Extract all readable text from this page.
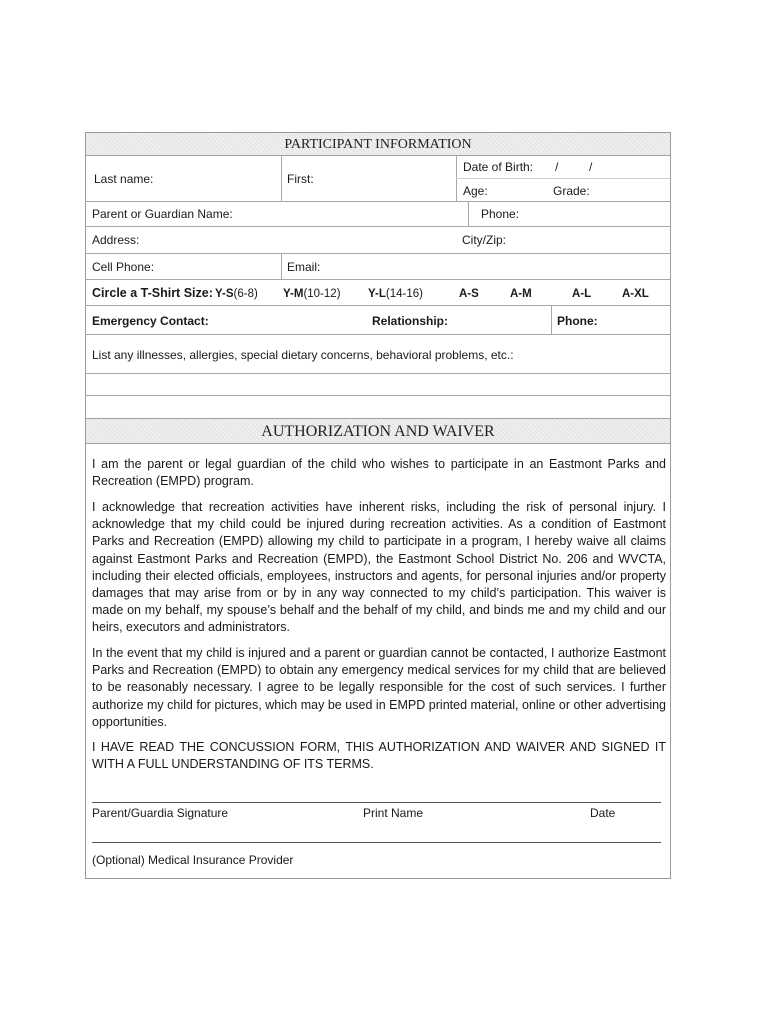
PARTICIPANT INFORMATION
Last name:	First:
Date of Birth: /	/
Age:	Grade:
Parent or Guardian Name:	Phone:
Address:	City/Zip:
Cell Phone:	Email:
Circle a T-Shirt Size: Y-S(6-8) Y-M(10-12) Y-L(14-16)	A-S	A-M	A-L	A-XL
Emergency Contact:	Relationship:	Phone:
List any illnesses, allergies, special dietary concerns, behavioral problems, etc.:
AUTHORIZATION AND WAIVER

I am the parent or legal guardian of the child who wishes to participate in an Eastmont Parks and Recreation (EMPD) program.

I acknowledge that recreation activities have inherent risks, including the risk of personal injury. I acknowledge that my child could be injured during recreation activities. As a condition of Eastmont Parks and Recreation (EMPD) allowing my child to participate in a program, I hereby waive all claims against Eastmont Parks and Recreation (EMPD), the Eastmont School District No. 206 and WVCTA, including their elected officials, employees, instructors and agents, for personal injuries and/or property damages that may arise from or by in any way connected to my child’s participation. This waiver is made on my behalf, my spouse’s behalf and the behalf of my child, and binds me and my child and our heirs, executors and administrators.

In the event that my child is injured and a parent or guardian cannot be contacted, I authorize Eastmont Parks and Recreation (EMPD) to obtain any emergency medical services for my child that are believed to be reasonably necessary. I agree to be legally responsible for the cost of such services. I further authorize my child for pictures, which may be used in EMPD printed material, online or other advertising opportunities.

I HAVE READ THE CONCUSSION FORM, THIS AUTHORIZATION AND WAIVER AND SIGNED IT WITH A FULL UNDERSTANDING OF ITS TERMS.

Parent/Guardia Signature	Print Name	Date
(Optional) Medical Insurance Provider
